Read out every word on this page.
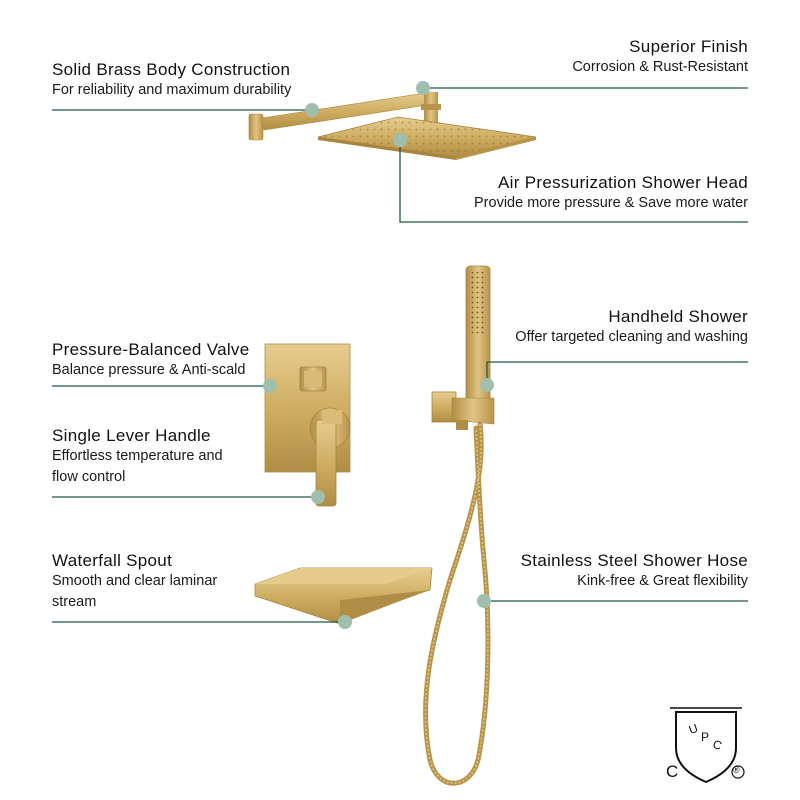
Solid Brass Body Construction
For reliability and maximum durability
Superior Finish
Corrosion & Rust-Resistant
Air Pressurization Shower Head
Provide more pressure & Save more water
Handheld Shower
Offer targeted cleaning and washing
Pressure-Balanced Valve
Balance pressure & Anti-scald
Single Lever Handle
Effortless temperature and
flow control
Waterfall Spout
Smooth and clear laminar
stream
Stainless Steel Shower Hose
Kink-free & Great flexibility
U P C
C	®
